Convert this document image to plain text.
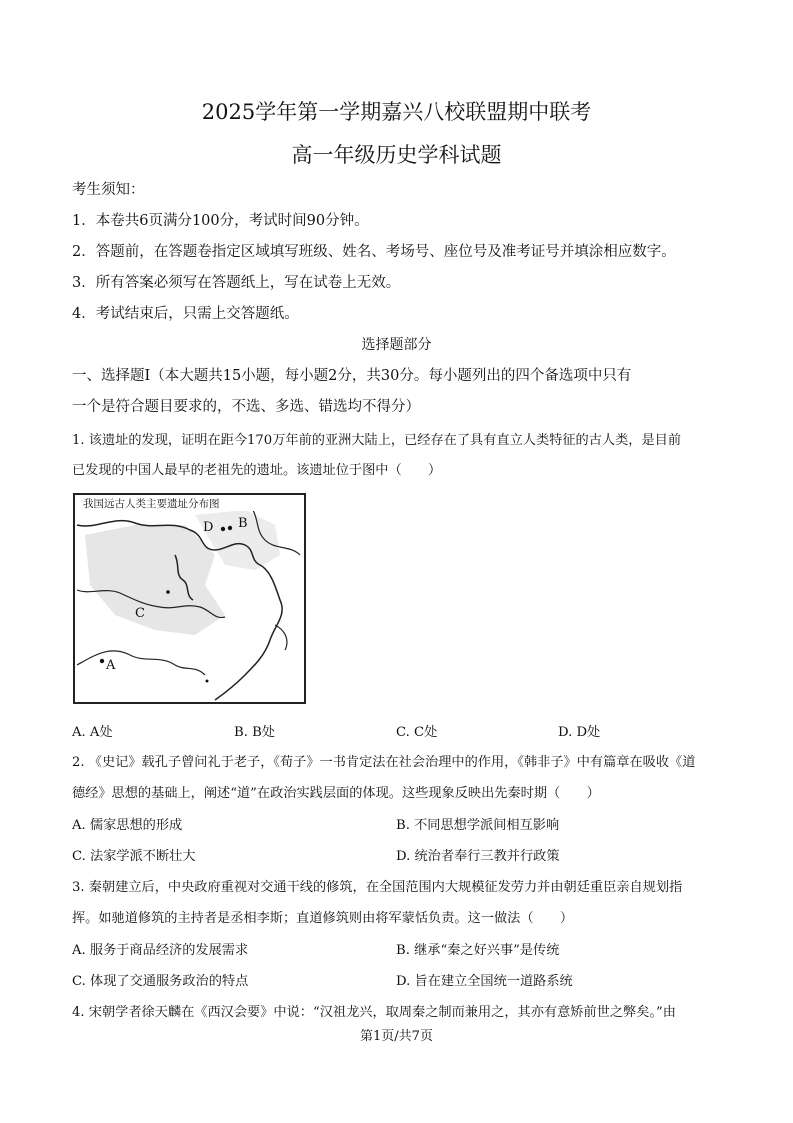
2025学年第一学期嘉兴八校联盟期中联考
高一年级历史学科试题
考生须知：
1．本卷共6页满分100分，考试时间90分钟。
2．答题前，在答题卷指定区域填写班级、姓名、考场号、座位号及准考证号并填涂相应数字。
3．所有答案必须写在答题纸上，写在试卷上无效。
4．考试结束后，只需上交答题纸。
选择题部分
一、选择题Ⅰ（本大题共15小题，每小题2分，共30分。每小题列出的四个备选项中只有
一个是符合题目要求的，不选、多选、错选均不得分）
1. 该遗址的发现，证明在距今170万年前的亚洲大陆上，已经存在了具有直立人类特征的古人类，是目前
已发现的中国人最早的老祖先的遗址。该遗址位于图中（　　）
我国远古人类主要遗址分布图
D B
C
A
A. A处	B. B处	C. C处	D. D处
2. 《史记》载孔子曾问礼于老子，《荀子》一书肯定法在社会治理中的作用，《韩非子》中有篇章在吸收《道
德经》思想的基础上，阐述“道”在政治实践层面的体现。这些现象反映出先秦时期（　　）
A. 儒家思想的形成	B. 不同思想学派间相互影响
C. 法家学派不断壮大	D. 统治者奉行三教并行政策
3. 秦朝建立后，中央政府重视对交通干线的修筑，在全国范围内大规模征发劳力并由朝廷重臣亲自规划指
挥。如驰道修筑的主持者是丞相李斯；直道修筑则由将军蒙恬负责。这一做法（　　）
A. 服务于商品经济的发展需求	B. 继承“秦之好兴事”是传统
C. 体现了交通服务政治的特点	D. 旨在建立全国统一道路系统
4. 宋朝学者徐天麟在《西汉会要》中说：“汉祖龙兴，取周秦之制而兼用之，其亦有意矫前世之弊矣。”由
第1页/共7页
